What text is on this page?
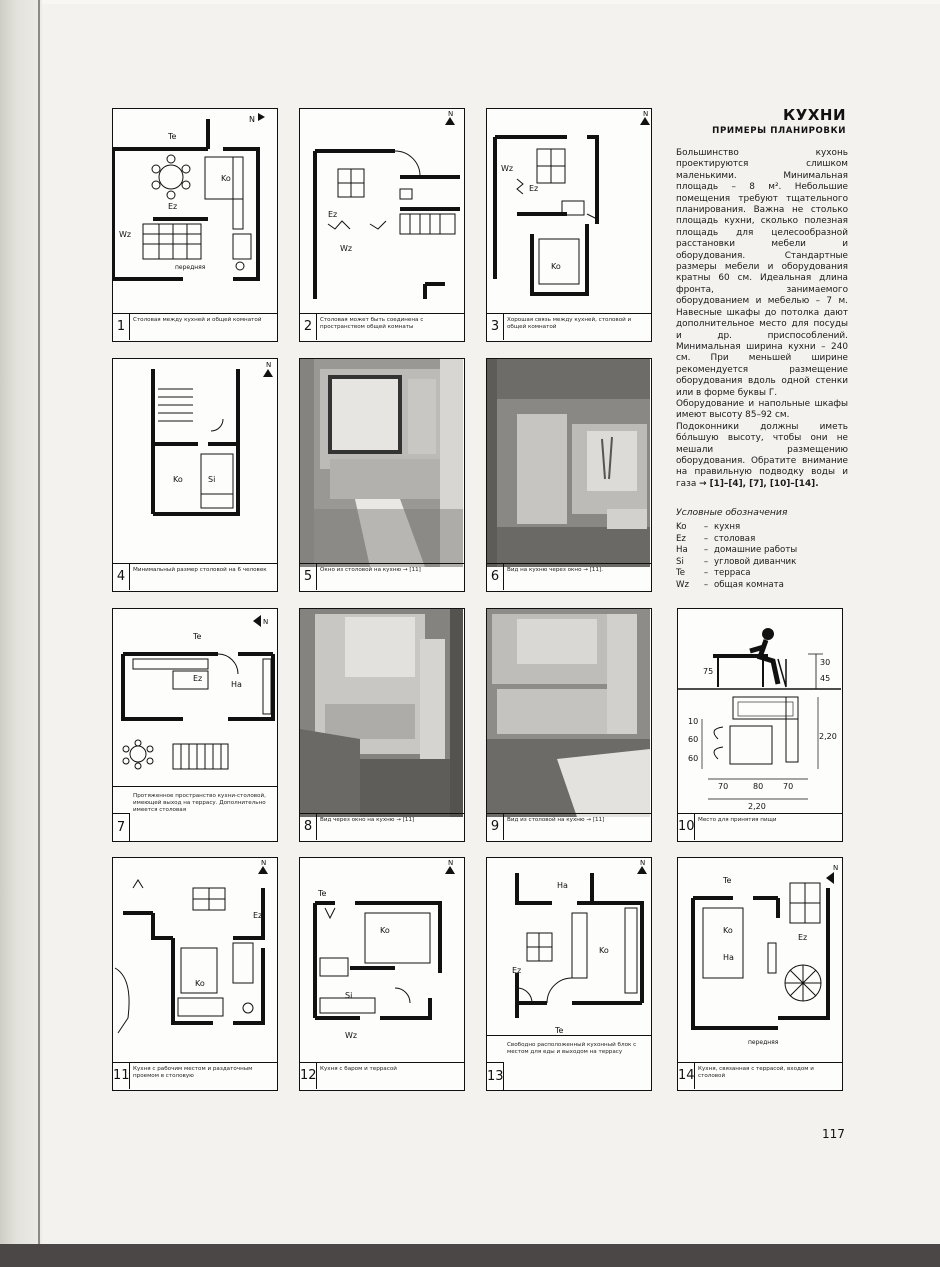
N
Te
Ko
Ez
Wz
передняя
1	Столовая между кухней и общей комнатой
N
Ez
Wz
2	Столовая может быть соединена с пространством общей комнаты
N
Wz
Ez
Ko
3	Хорошая связь между кухней, столовой и общей комнатой
N
Ko	Si
4	Минимальный размер столовой на 6 человек	5	Окно из столовой на кухню → [11]	6	Вид на кухню через окно → [11].
N
Te
Ez
Ha
7
Протяженное пространство кухни-столовой, имеющей выход на террасу. Дополнительно имеется столовая
8	Вид через окно на кухню → [11]	9	Вид из столовой на кухню → [11]
75
30
45
10
60
60
2,20
70	80 70
2,20
10 Место для принятия пищи
N
Ez
Ko
11 Кухня с рабочим местом и раздаточным проемом в столовую
N
Te
Ko
Si
Wz
12 Кухня с баром и террасой
N
Ha
Ko
Ez
Te
13
Свободно расположенный кухонный блок с местом для еды и выходом на террасу
N
Te
Ko
Ha
Ez
передняя
14 Кухня, связанная с террасой, входом и столовой
КУХНИ
ПРИМЕРЫ ПЛАНИРОВКИ
Большинство кухонь проектируются слишком маленькими. Минимальная площадь – 8 м². Небольшие помещения требуют тщательного планирования. Важна не столько площадь кухни, сколько полезная площадь для целесообразной расстановки мебели и оборудования. Стандартные размеры мебели и оборудования кратны 60 см. Идеальная длина фронта, занимаемого оборудованием и мебелью – 7 м. Навесные шкафы до потолка дают дополнительное место для посуды и др. приспособлений. Минимальная ширина кухни – 240 см. При меньшей ширине рекомендуется размещение оборудования вдоль одной стенки или в форме буквы Г.
Оборудование и напольные шкафы имеют высоту 85–92 см.
Подоконники должны иметь бо́льшую высоту, чтобы они не мешали размещению оборудования. Обратите внимание на правильную подводку воды и газа → [1]–[4], [7], [10]–[14].
Условные обозначения
Ko	– кухня
Ez	– столовая
Ha	– домашние работы
Si	– угловой диванчик
Te	– терраса
Wz	– общая комната
117
